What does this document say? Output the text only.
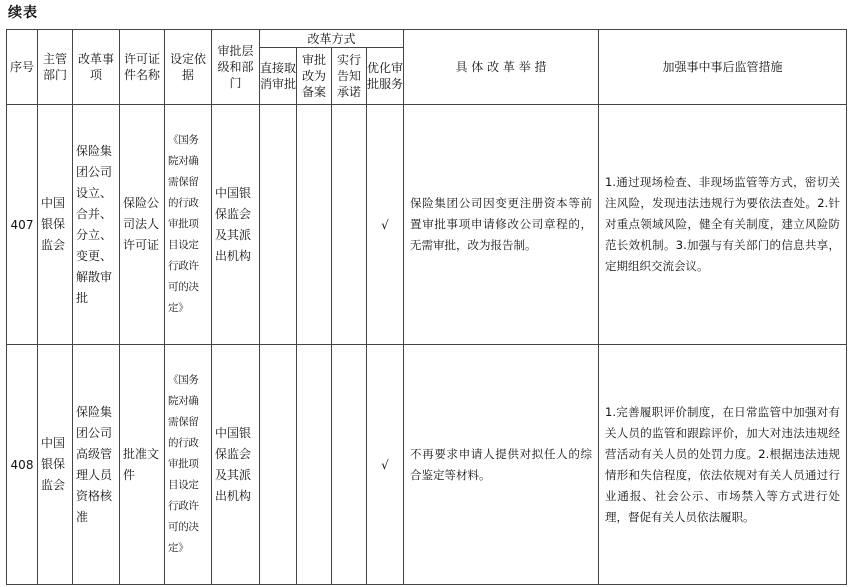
续表
序号	主管部门	改革事项	许可证件名称	设定依据	审批层级和部门	改革方式				具 体 改 革 举 措	加强事中事后监管措施
						直接取消审批	审批改为备案	实行告知承诺	优化审批服务		
407	中国银保监会	保险集团公司设立、合并、分立、变更、解散审批	保险公司法人许可证	《国务院对确需保留的行政审批项目设定行政许可的决定》	中国银保监会及其派出机构				√	保险集团公司因变更注册资本等前置审批事项申请修改公司章程的，无需审批，改为报告制。	1.通过现场检查、非现场监管等方式，密切关注风险，发现违法违规行为要依法查处。2.针对重点领域风险，健全有关制度，建立风险防范长效机制。3.加强与有关部门的信息共享，定期组织交流会议。
408	中国银保监会	保险集团公司高级管理人员资格核准	批准文件	《国务院对确需保留的行政审批项目设定行政许可的决定》	中国银保监会及其派出机构				√	不再要求申请人提供对拟任人的综合鉴定等材料。	1.完善履职评价制度，在日常监管中加强对有关人员的监管和跟踪评价，加大对违法违规经营活动有关人员的处罚力度。2.根据违法违规情形和失信程度，依法依规对有关人员通过行业通报、社会公示、市场禁入等方式进行处理，督促有关人员依法履职。
